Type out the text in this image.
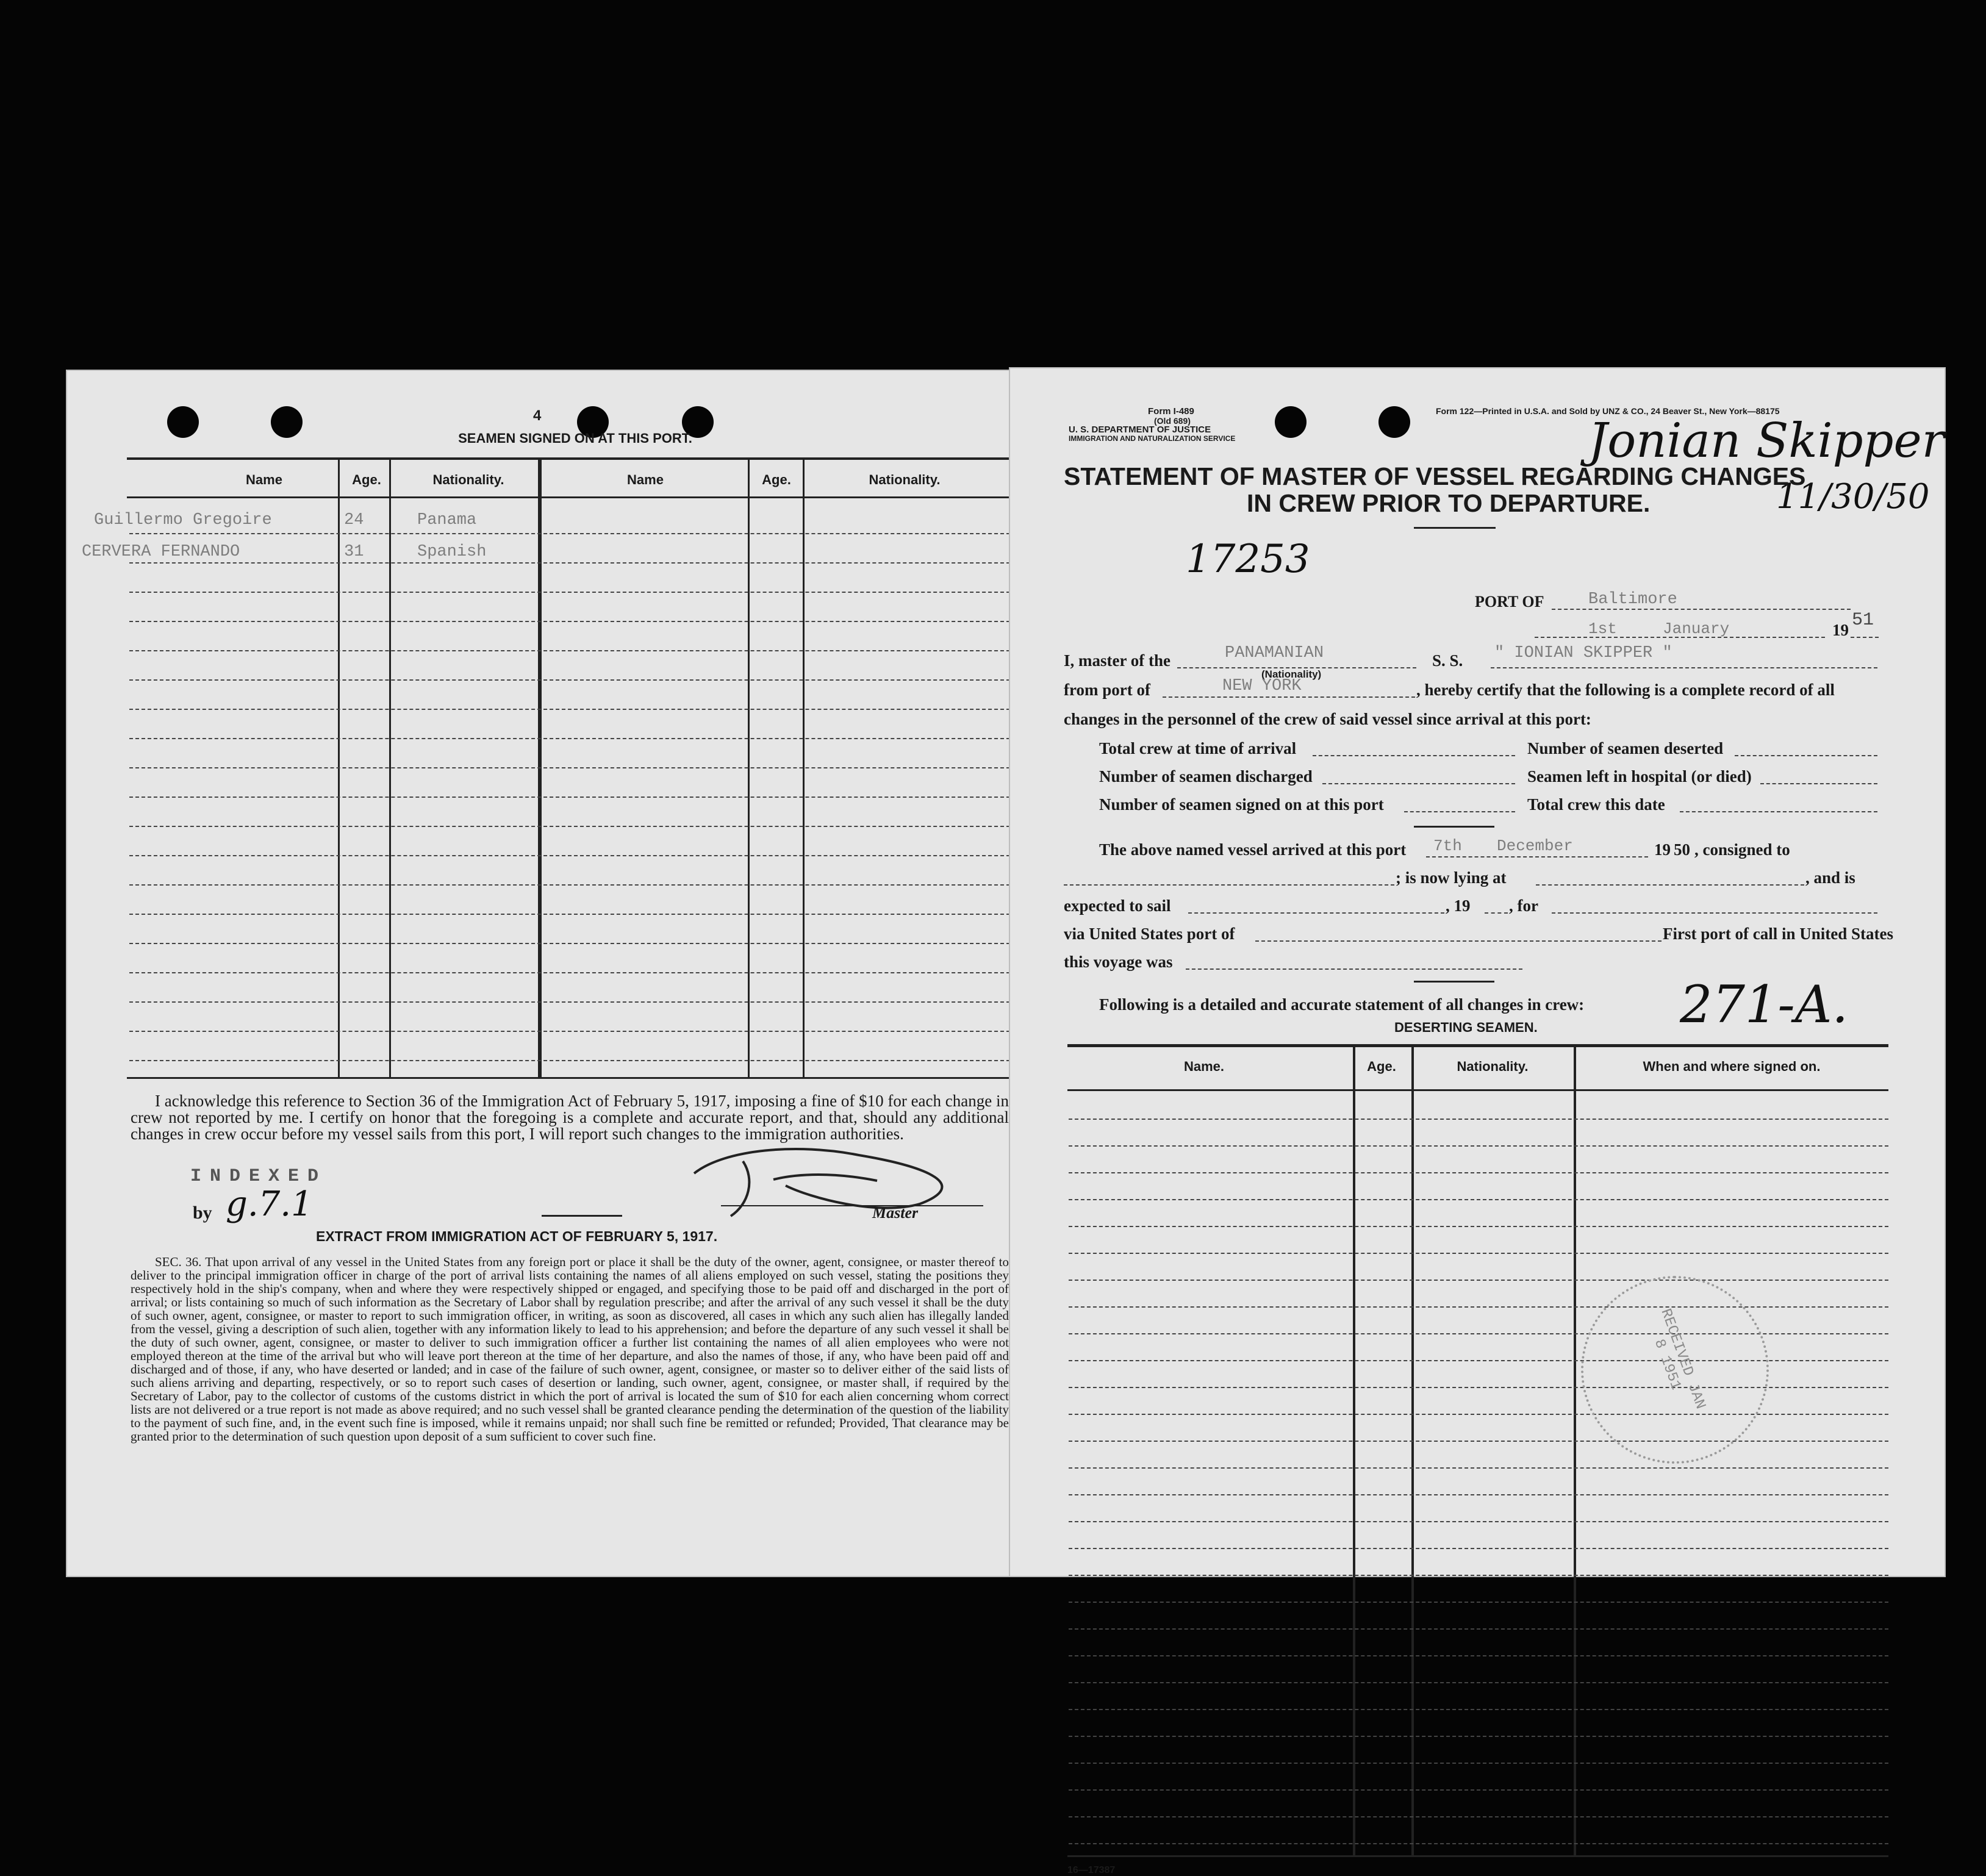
4
SEAMEN SIGNED ON AT THIS PORT.
Name	Age.	Nationality.	Name	Age.	Nationality.
Guillermo Gregoire	24	Panama
CERVERA FERNANDO	31	Spanish
I acknowledge this reference to Section 36 of the Immigration Act of February 5, 1917, imposing a fine of $10 for each change in crew not reported by me. I certify on honor that the foregoing is a complete and accurate report, and that, should any additional changes in crew occur before my vessel sails from this port, I will report such changes to the immigration authorities.
INDEXED
by g.7.1	Master
EXTRACT FROM IMMIGRATION ACT OF FEBRUARY 5, 1917.
SEC. 36. That upon arrival of any vessel in the United States from any foreign port or place it shall be the duty of the owner, agent, consignee, or master thereof to deliver to the principal immigration officer in charge of the port of arrival lists containing the names of all aliens employed on such vessel, stating the positions they respectively hold in the ship's company, when and where they were respectively shipped or engaged, and specifying those to be paid off and discharged in the port of arrival; or lists containing so much of such information as the Secretary of Labor shall by regulation prescribe; and after the arrival of any such vessel it shall be the duty of such owner, agent, consignee, or master to report to such immigration officer, in writing, as soon as discovered, all cases in which any such alien has illegally landed from the vessel, giving a description of such alien, together with any information likely to lead to his apprehension; and before the departure of any such vessel it shall be the duty of such owner, agent, consignee, or master to deliver to such immigration officer a further list containing the names of all alien employees who were not employed thereon at the time of the arrival but who will leave port thereon at the time of her departure, and also the names of those, if any, who have been paid off and discharged and of those, if any, who have deserted or landed; and in case of the failure of such owner, agent, consignee, or master so to deliver either of the said lists of such aliens arriving and departing, respectively, or so to report such cases of desertion or landing, such owner, agent, consignee, or master shall, if required by the Secretary of Labor, pay to the collector of customs of the customs district in which the port of arrival is located the sum of $10 for each alien concerning whom correct lists are not delivered or a true report is not made as above required; and no such vessel shall be granted clearance pending the determination of the question of the liability to the payment of such fine, and, in the event such fine is imposed, while it remains unpaid; nor shall such fine be remitted or refunded; Provided, That clearance may be granted prior to the determination of such question upon deposit of a sum sufficient to cover such fine.
Form I-489
(Old 689)
U. S. DEPARTMENT OF JUSTICE
IMMIGRATION AND NATURALIZATION SERVICE
Form 122—Printed in U.S.A. and Sold by UNZ & CO., 24 Beaver St., New York—88175
Jonian Skipper
11/30/50
STATEMENT OF MASTER OF VESSEL REGARDING CHANGES
IN CREW PRIOR TO DEPARTURE.
17253
PORT OF	Baltimore
1st	January	19 51
I, master of the	PANAMANIAN
(Nationality)
S. S. " IONIAN SKIPPER "
from port of	NEW YORK	, hereby certify that the following is a complete record of all
changes in the personnel of the crew of said vessel since arrival at this port:
Total crew at time of arrival
Number of seamen discharged
Number of seamen signed on at this port
Number of seamen deserted
Seamen left in hospital (or died)
Total crew this date
The above named vessel arrived at this port 7th December	19 50 , consigned to
; is now lying at	, and is
expected to sail	, 19 , for
via United States port of	First port of call in United States
this voyage was
Following is a detailed and accurate statement of all changes in crew:
DESERTING SEAMEN.	271-A.
Name.	Age.	Nationality.	When and where signed on.
RECEIVED JAN 8 1951
16—17387
